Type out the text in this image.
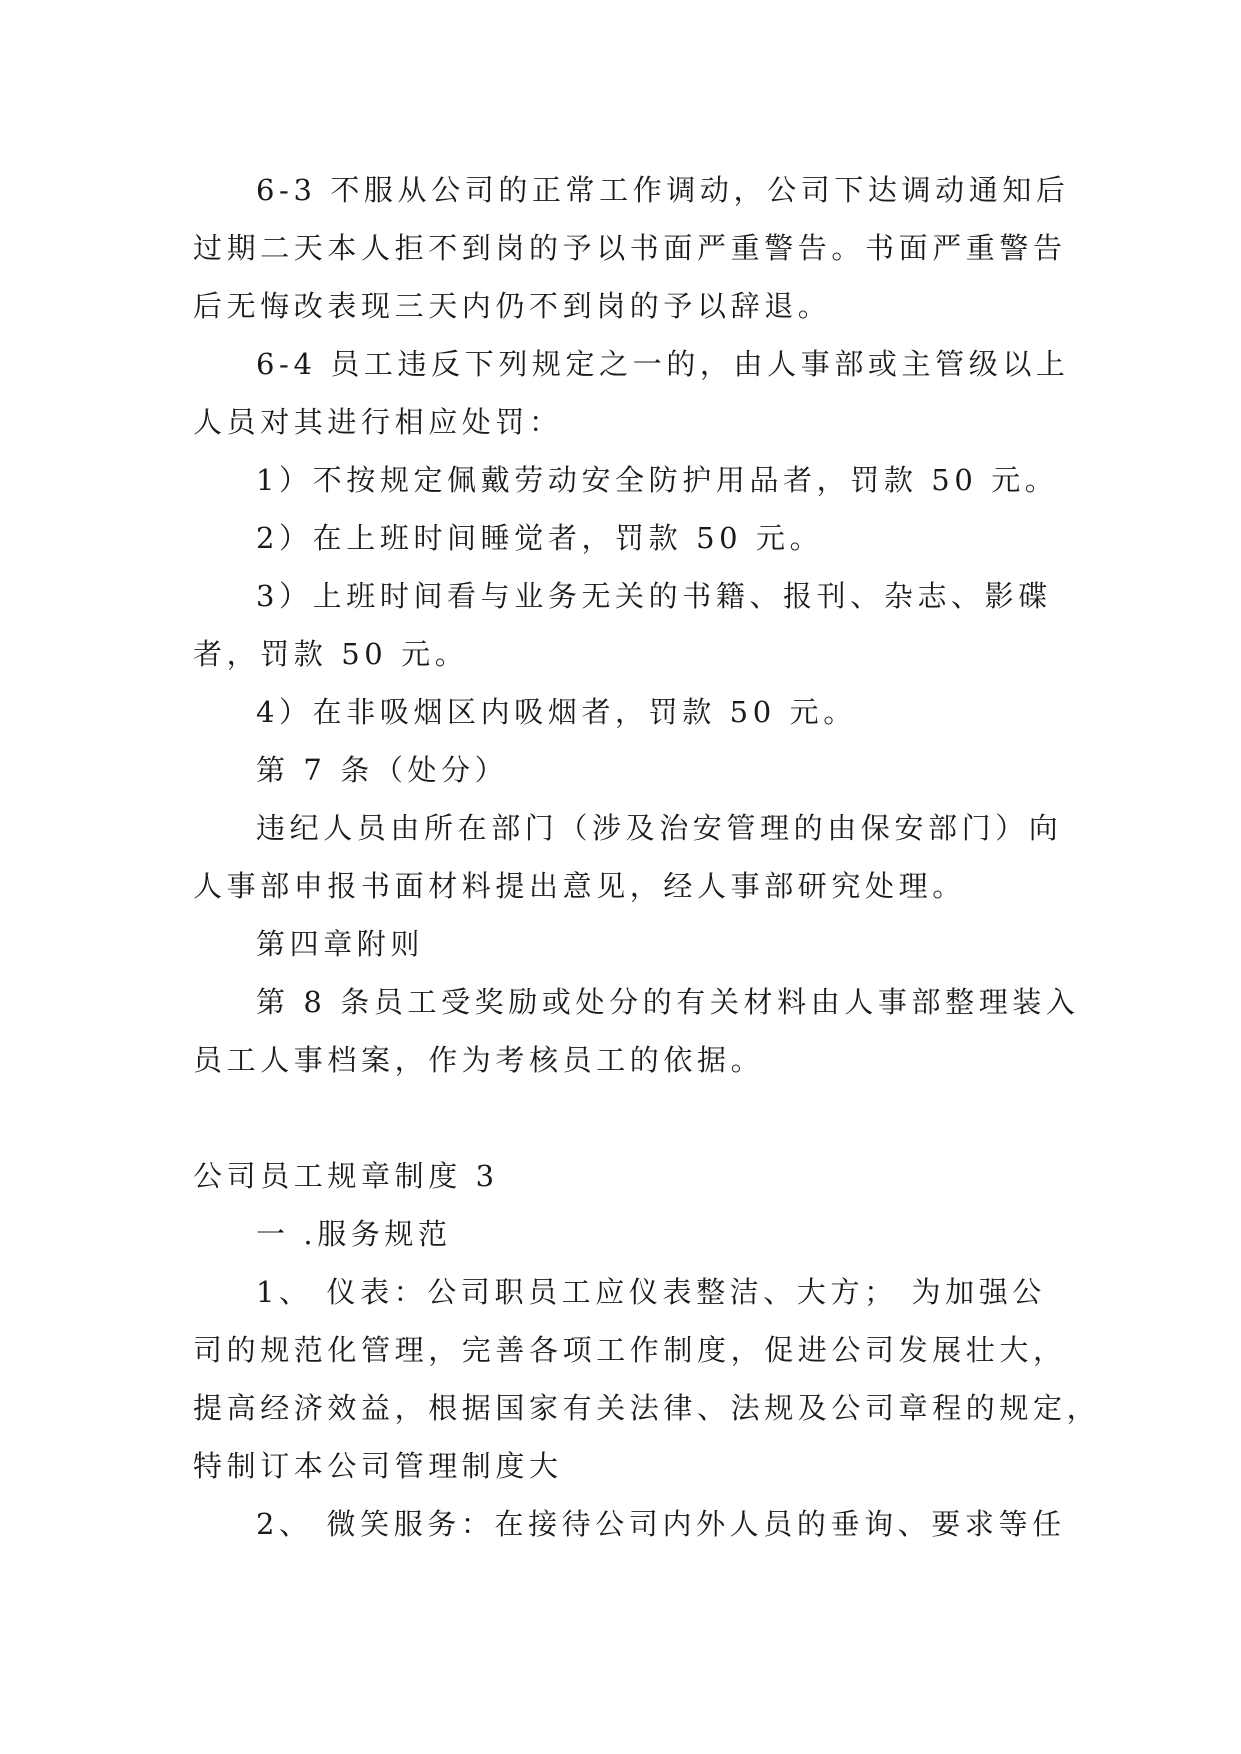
6-3 不服从公司的正常工作调动，公司下达调动通知后
过期二天本人拒不到岗的予以书面严重警告。书面严重警告
后无悔改表现三天内仍不到岗的予以辞退。
6-4 员工违反下列规定之一的，由人事部或主管级以上
人员对其进行相应处罚：
1）不按规定佩戴劳动安全防护用品者，罚款 50 元。
2）在上班时间睡觉者，罚款 50 元。
3）上班时间看与业务无关的书籍、报刊、杂志、影碟
者，罚款 50 元。
4）在非吸烟区内吸烟者，罚款 50 元。
第 7 条（处分）
违纪人员由所在部门（涉及治安管理的由保安部门）向
人事部申报书面材料提出意见，经人事部研究处理。
第四章附则
第 8 条员工受奖励或处分的有关材料由人事部整理装入
员工人事档案，作为考核员工的依据。
公司员工规章制度 3
一 .服务规范
1、 仪表：公司职员工应仪表整洁、大方； 为加强公
司的规范化管理，完善各项工作制度，促进公司发展壮大，
提高经济效益，根据国家有关法律、法规及公司章程的规定，
特制订本公司管理制度大
2、 微笑服务：在接待公司内外人员的垂询、要求等任
